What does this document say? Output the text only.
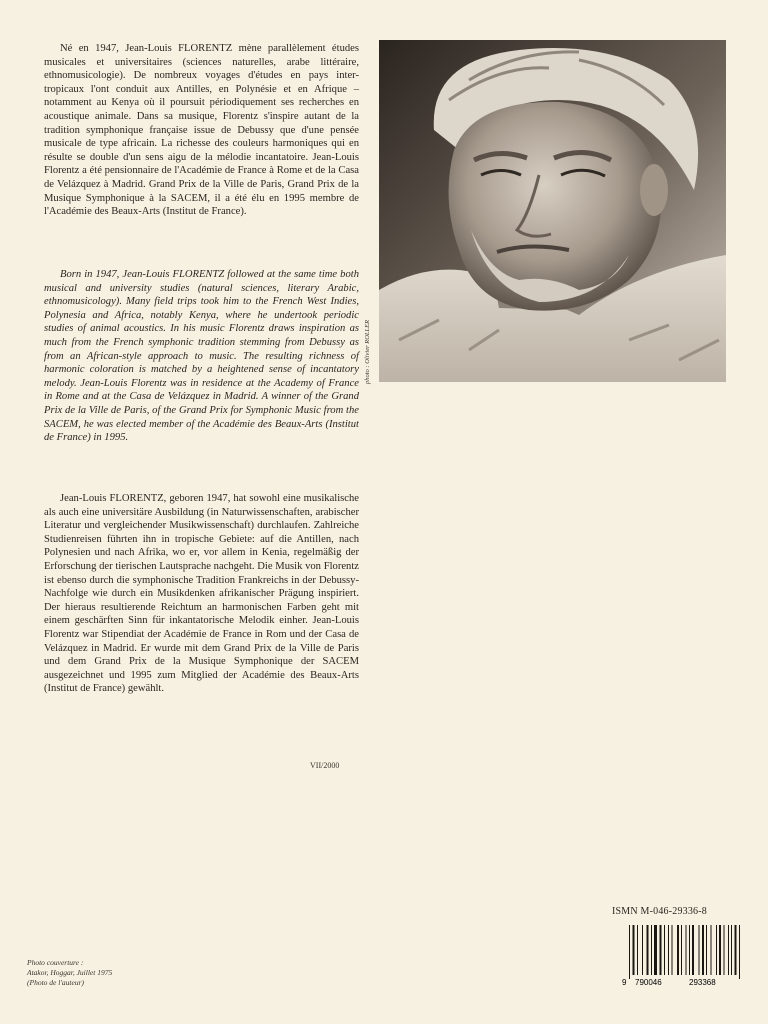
Né en 1947, Jean-Louis FLORENTZ mène parallèlement études musicales et universitaires (sciences naturelles, arabe littéraire, ethnomusicologie). De nombreux voyages d'études en pays inter-tropicaux l'ont conduit aux Antilles, en Polynésie et en Afrique – notamment au Kenya où il poursuit périodiquement ses recherches en acoustique animale. Dans sa musique, Florentz s'inspire autant de la tradition symphonique française issue de Debussy que d'une pensée musicale de type africain. La richesse des couleurs harmoniques qui en résulte se double d'un sens aigu de la mélodie incantatoire. Jean-Louis Florentz a été pensionnaire de l'Académie de France à Rome et de la Casa de Velázquez à Madrid. Grand Prix de la Ville de Paris, Grand Prix de la Musique Symphonique à la SACEM, il a été élu en 1995 membre de l'Académie des Beaux-Arts (Institut de France).

Born in 1947, Jean-Louis FLORENTZ followed at the same time both musical and university studies (natural sciences, literary Arabic, ethnomusicology). Many field trips took him to the French West Indies, Polynesia and Africa, notably Kenya, where he undertook periodic studies of animal acoustics. In his music Florentz draws inspiration as much from the French symphonic tradition stemming from Debussy as from an African-style approach to music. The resulting richness of harmonic coloration is matched by a heightened sense of incantatory melody. Jean-Louis Florentz was in residence at the Academy of France in Rome and at the Casa de Velázquez in Madrid. A winner of the Grand Prix de la Ville de Paris, of the Grand Prix for Symphonic Music from the SACEM, he was elected member of the Académie des Beaux-Arts (Institut de France) in 1995.

Jean-Louis FLORENTZ, geboren 1947, hat sowohl eine musikalische als auch eine universitäre Ausbildung (in Naturwissenschaften, arabischer Literatur und vergleichender Musikwissenschaft) durchlaufen. Zahlreiche Studienreisen führten ihn in tropische Gebiete: auf die Antillen, nach Polynesien und nach Afrika, wo er, vor allem in Kenia, regelmäßig der Erforschung der tierischen Lautsprache nachgeht. Die Musik von Florentz ist ebenso durch die symphonische Tradition Frankreichs in der Debussy-Nachfolge wie durch ein Musikdenken afrikanischer Prägung inspiriert. Der hieraus resultierende Reichtum an harmonischen Farben geht mit einem geschärften Sinn für inkantatorische Melodik einher. Jean-Louis Florentz war Stipendiat der Académie de France in Rom und der Casa de Velázquez in Madrid. Er wurde mit dem Grand Prix de la Ville de Paris und dem Grand Prix de la Musique Symphonique der SACEM ausgezeichnet und 1995 zum Mitglied der Académie des Beaux-Arts (Institut de France) gewählt.

VII/2000
photo : Olivier ROLLER
ISMN M-046-29336-8
9 790046	293368
Photo couverture :
Atakor, Hoggar, Juillet 1975
(Photo de l'auteur)
